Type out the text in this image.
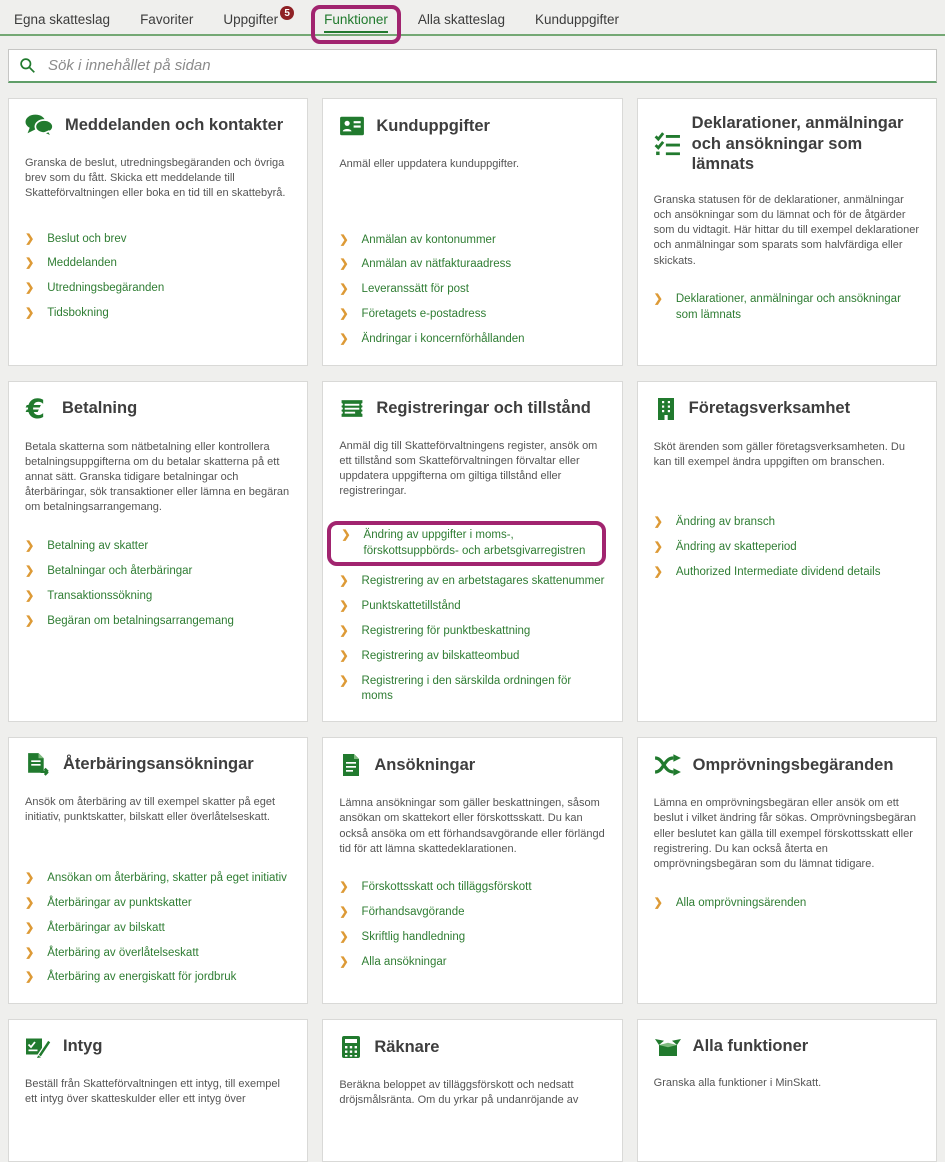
Egna skatteslag Favoriter Uppgifter 5	Funktioner Alla skatteslag Kunduppgifter
Sök i innehållet på sidan
Meddelanden och kontakter

Granska de beslut, utredningsbegäranden och övriga brev som du fått. Skicka ett meddelande till Skatteförvaltningen eller boka en tid till en skattebyrå.

❯ Beslut och brev
❯ Meddelanden
❯ Utredningsbegäranden
❯ Tidsbokning
Kunduppgifter

Anmäl eller uppdatera kunduppgifter.

❯ Anmälan av kontonummer
❯ Anmälan av nätfakturaadress
❯ Leveranssätt för post
❯ Företagets e-postadress
❯ Ändringar i koncernförhållanden
Deklarationer, anmälningar och ansökningar som lämnats

Granska statusen för de deklarationer, anmälningar och ansökningar som du lämnat och för de åtgärder som du vidtagit. Här hittar du till exempel deklarationer och anmälningar som sparats som halvfärdiga eller skickats.

❯ Deklarationer, anmälningar och ansökningar som lämnats
€ Betalning

Betala skatterna som nätbetalning eller kontrollera betalningsuppgifterna om du betalar skatterna på ett annat sätt. Granska tidigare betalningar och återbäringar, sök transaktioner eller lämna en begäran om betalningsarrangemang.

❯ Betalning av skatter
❯ Betalningar och återbäringar
❯ Transaktionssökning
❯ Begäran om betalningsarrangemang
Registreringar och tillstånd

Anmäl dig till Skatteförvaltningens register, ansök om ett tillstånd som Skatteförvaltningen förvaltar eller uppdatera uppgifterna om giltiga tillstånd eller registreringar.

❯ Ändring av uppgifter i moms-, förskottsuppbörds- och arbetsgivarregistren
❯ Registrering av en arbetstagares skattenummer
❯ Punktskattetillstånd
❯ Registrering för punktbeskattning
❯ Registrering av bilskatteombud
❯ Registrering i den särskilda ordningen för moms
Företagsverksamhet

Sköt ärenden som gäller företagsverksamheten. Du kan till exempel ändra uppgiften om branschen.

❯ Ändring av bransch
❯ Ändring av skatteperiod
❯ Authorized Intermediate dividend details
Återbäringsansökningar

Ansök om återbäring av till exempel skatter på eget initiativ, punktskatter, bilskatt eller överlåtelseskatt.

❯ Ansökan om återbäring, skatter på eget initiativ
❯ Återbäringar av punktskatter
❯ Återbäringar av bilskatt
❯ Återbäring av överlåtelseskatt
❯ Återbäring av energiskatt för jordbruk
Ansökningar

Lämna ansökningar som gäller beskattningen, såsom ansökan om skattekort eller förskottsskatt. Du kan också ansöka om ett förhandsavgörande eller förlängd tid för att lämna skattedeklarationen.

❯ Förskottsskatt och tilläggsförskott
❯ Förhandsavgörande
❯ Skriftlig handledning
❯ Alla ansökningar
Omprövningsbegäranden

Lämna en omprövningsbegäran eller ansök om ett beslut i vilket ändring får sökas. Omprövningsbegäran eller beslutet kan gälla till exempel förskottsskatt eller registrering. Du kan också återta en omprövningsbegäran som du lämnat tidigare.

❯ Alla omprövningsärenden
Intyg

Beställ från Skatteförvaltningen ett intyg, till exempel ett intyg över skatteskulder eller ett intyg över

Räknare

Beräkna beloppet av tilläggsförskott och nedsatt dröjsmålsränta. Om du yrkar på undanröjande av

Alla funktioner

Granska alla funktioner i MinSkatt.
